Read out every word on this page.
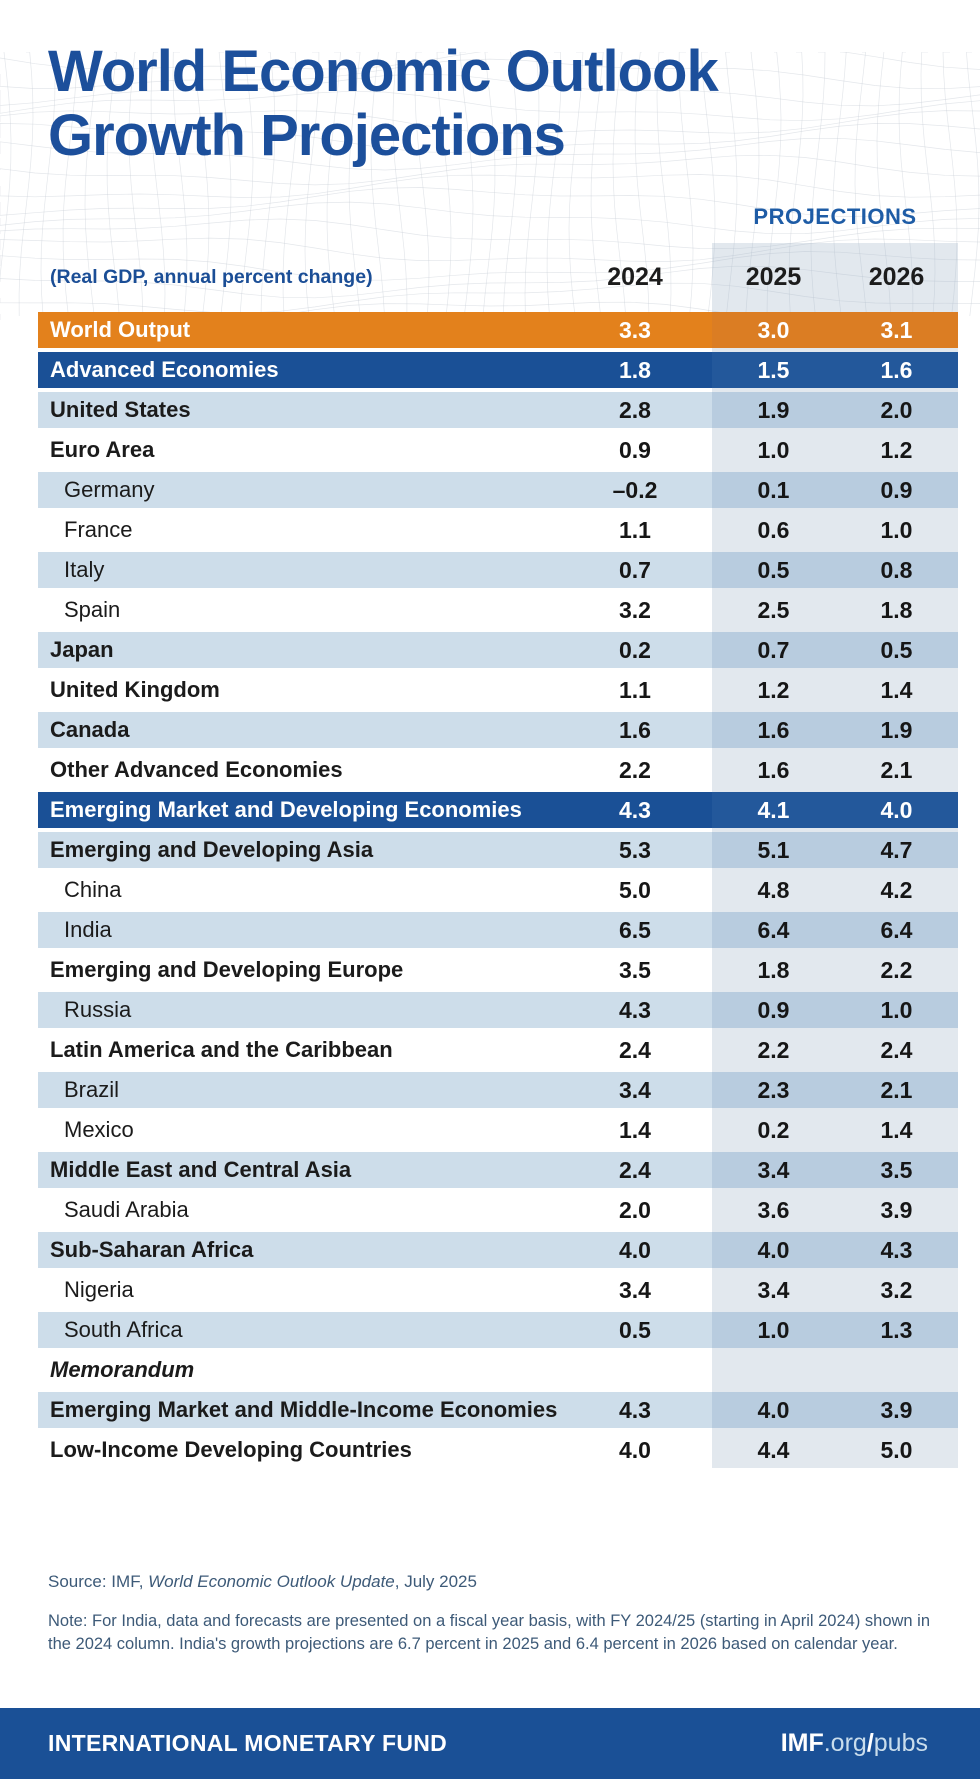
World Economic Outlook
Growth Projections
PROJECTIONS
(Real GDP, annual percent change)	2024	2025	2026
World Output	3.3	3.0	3.1
Advanced Economies	1.8	1.5	1.6
United States	2.8	1.9	2.0
Euro Area	0.9	1.0	1.2
Germany	–0.2	0.1	0.9
France	1.1	0.6	1.0
Italy	0.7	0.5	0.8
Spain	3.2	2.5	1.8
Japan	0.2	0.7	0.5
United Kingdom	1.1	1.2	1.4
Canada	1.6	1.6	1.9
Other Advanced Economies	2.2	1.6	2.1
Emerging Market and Developing Economies	4.3	4.1	4.0
Emerging and Developing Asia	5.3	5.1	4.7
China	5.0	4.8	4.2
India	6.5	6.4	6.4
Emerging and Developing Europe	3.5	1.8	2.2
Russia	4.3	0.9	1.0
Latin America and the Caribbean	2.4	2.2	2.4
Brazil	3.4	2.3	2.1
Mexico	1.4	0.2	1.4
Middle East and Central Asia	2.4	3.4	3.5
Saudi Arabia	2.0	3.6	3.9
Sub-Saharan Africa	4.0	4.0	4.3
Nigeria	3.4	3.4	3.2
South Africa	0.5	1.0	1.3
Memorandum
Emerging Market and Middle-Income Economies	4.3	4.0	3.9
Low-Income Developing Countries	4.0	4.4	5.0
Source: IMF, World Economic Outlook Update, July 2025
Note: For India, data and forecasts are presented on a fiscal year basis, with FY 2024/25 (starting in April 2024) shown in the 2024 column. India's growth projections are 6.7 percent in 2025 and 6.4 percent in 2026 based on calendar year.
INTERNATIONAL MONETARY FUND	IMF.org/pubs
